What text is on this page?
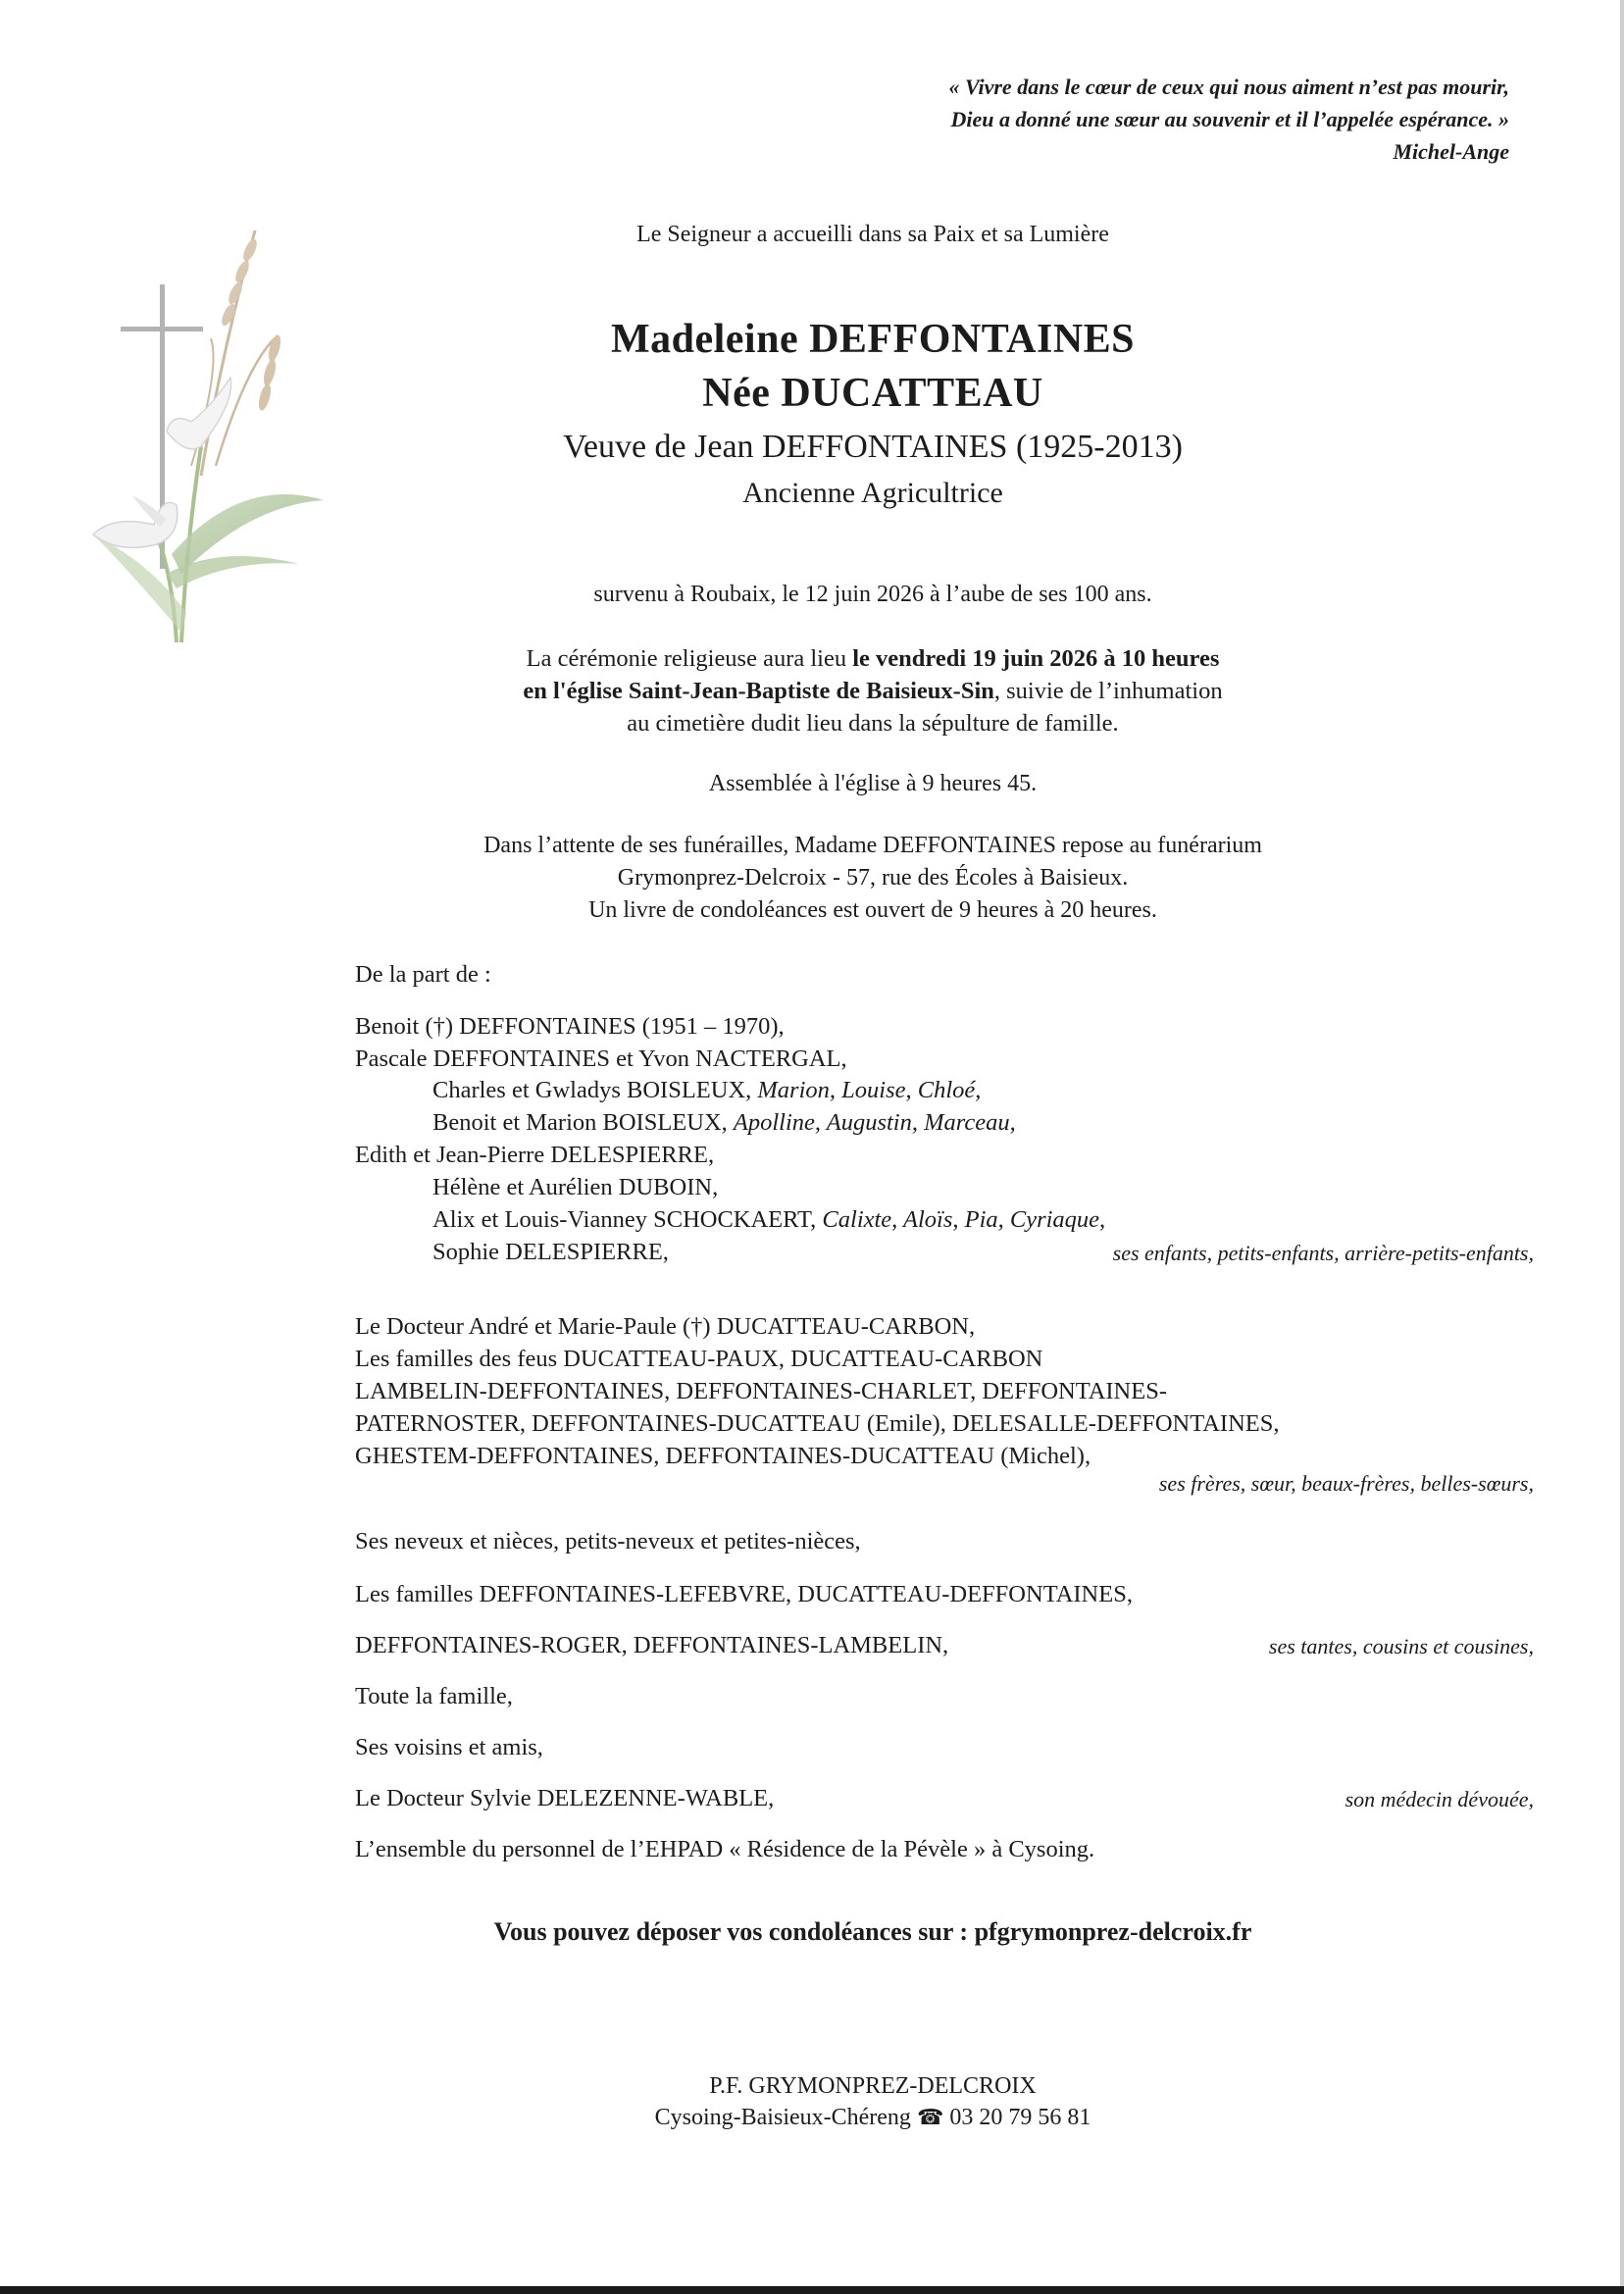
« Vivre dans le cœur de ceux qui nous aiment n’est pas mourir,
Dieu a donné une sœur au souvenir et il l’appelée espérance. »
Michel-Ange
Le Seigneur a accueilli dans sa Paix et sa Lumière
Madeleine DEFFONTAINES
Née DUCATTEAU
Veuve de Jean DEFFONTAINES (1925-2013)
Ancienne Agricultrice
survenu à Roubaix, le 12 juin 2026 à l’aube de ses 100 ans.
La cérémonie religieuse aura lieu le vendredi 19 juin 2026 à 10 heures
en l'église Saint-Jean-Baptiste de Baisieux-Sin, suivie de l’inhumation
au cimetière dudit lieu dans la sépulture de famille.
Assemblée à l'église à 9 heures 45.
Dans l’attente de ses funérailles, Madame DEFFONTAINES repose au funérarium
Grymonprez-Delcroix - 57, rue des Écoles à Baisieux.
Un livre de condoléances est ouvert de 9 heures à 20 heures.
De la part de :
Benoit (†) DEFFONTAINES (1951 – 1970),
Pascale DEFFONTAINES et Yvon NACTERGAL,
Charles et Gwladys BOISLEUX, Marion, Louise, Chloé,
Benoit et Marion BOISLEUX, Apolline, Augustin, Marceau,
Edith et Jean-Pierre DELESPIERRE,
Hélène et Aurélien DUBOIN,
Alix et Louis-Vianney SCHOCKAERT, Calixte, Aloïs, Pia, Cyriaque,
Sophie DELESPIERRE,	ses enfants, petits-enfants, arrière-petits-enfants,
Le Docteur André et Marie-Paule (†) DUCATTEAU-CARBON,
Les familles des feus DUCATTEAU-PAUX, DUCATTEAU-CARBON
LAMBELIN-DEFFONTAINES, DEFFONTAINES-CHARLET, DEFFONTAINES-
PATERNOSTER, DEFFONTAINES-DUCATTEAU (Emile), DELESALLE-DEFFONTAINES,
GHESTEM-DEFFONTAINES, DEFFONTAINES-DUCATTEAU (Michel),
ses frères, sœur, beaux-frères, belles-sœurs,
Ses neveux et nièces, petits-neveux et petites-nièces,
Les familles DEFFONTAINES-LEFEBVRE, DUCATTEAU-DEFFONTAINES,
DEFFONTAINES-ROGER, DEFFONTAINES-LAMBELIN,	ses tantes, cousins et cousines,
Toute la famille,
Ses voisins et amis,
Le Docteur Sylvie DELEZENNE-WABLE,	son médecin dévouée,
L’ensemble du personnel de l’EHPAD « Résidence de la Pévèle » à Cysoing.
Vous pouvez déposer vos condoléances sur : pfgrymonprez-delcroix.fr
P.F. GRYMONPREZ-DELCROIX
Cysoing-Baisieux-Chéreng ☎ 03 20 79 56 81
